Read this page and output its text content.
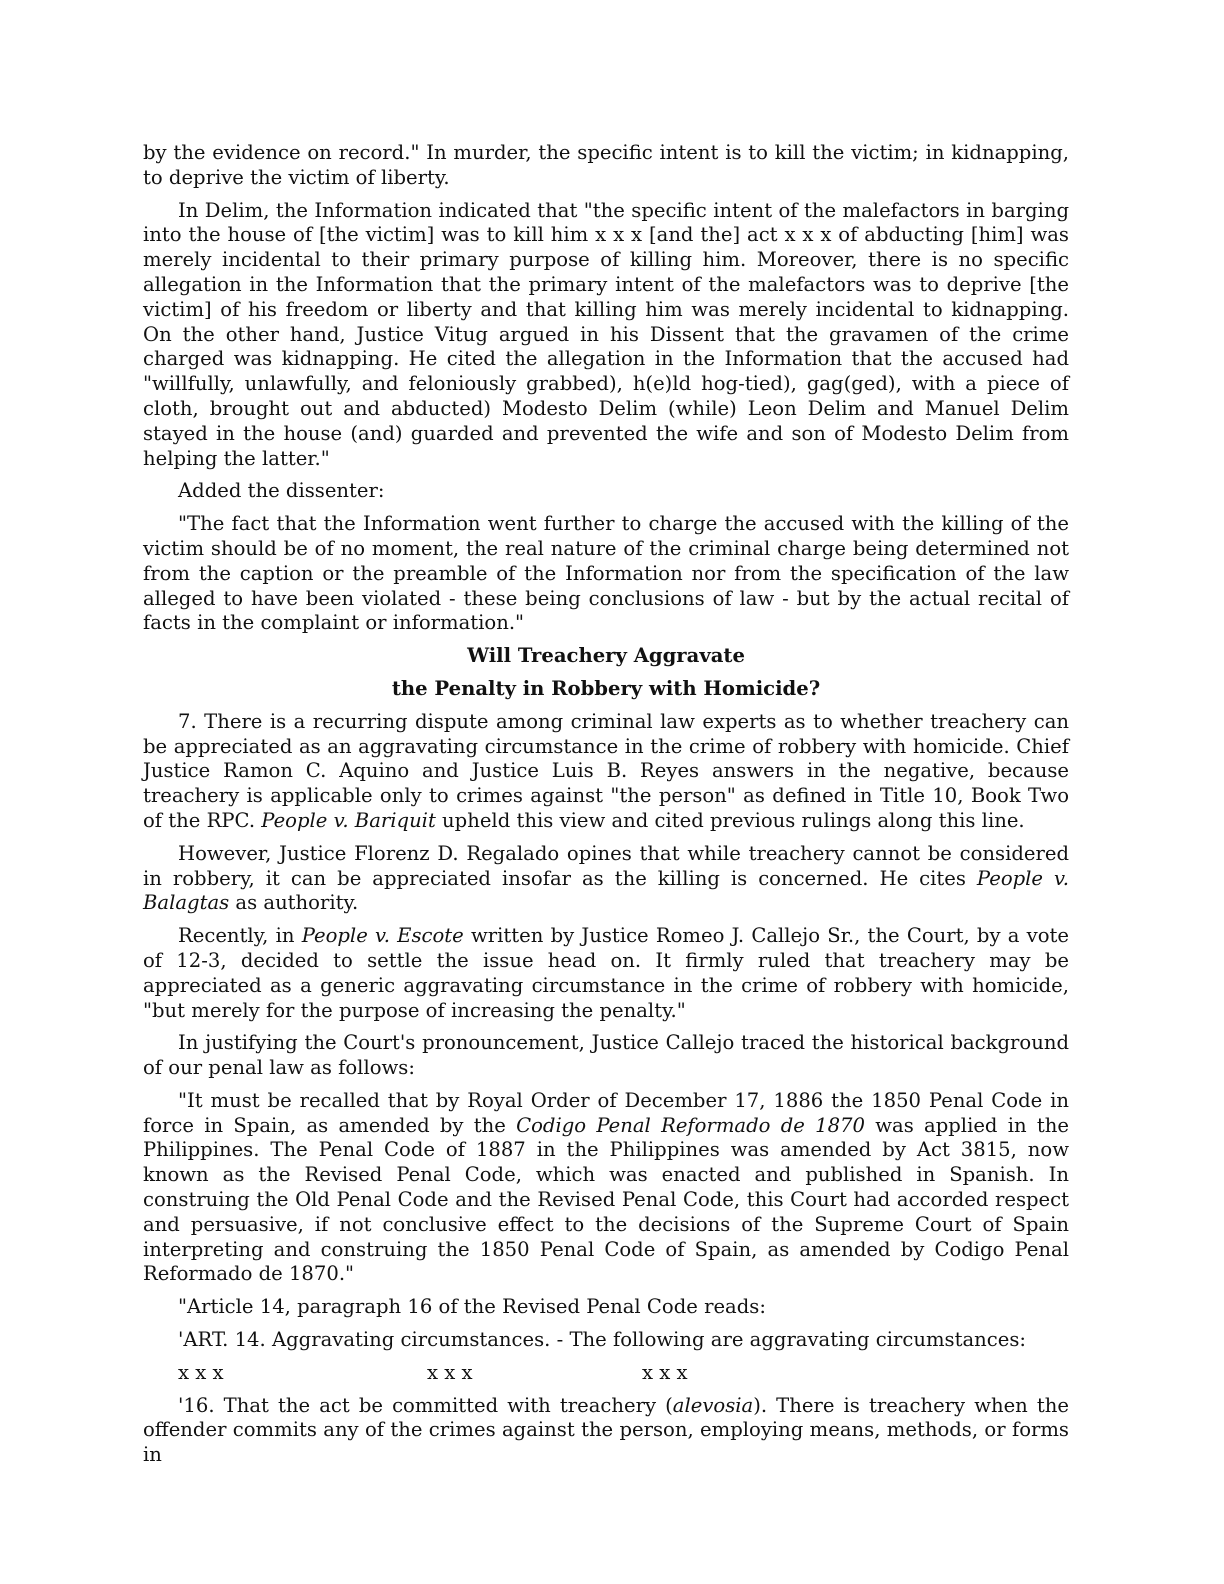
by the evidence on record." In murder, the specific intent is to kill the victim; in kidnapping, to deprive the victim of liberty.

In Delim, the Information indicated that "the specific intent of the malefactors in barging into the house of [the victim] was to kill him x x x [and the] act x x x of abducting [him] was merely incidental to their primary purpose of killing him. Moreover, there is no specific allegation in the Information that the primary intent of the malefactors was to deprive [the victim] of his freedom or liberty and that killing him was merely incidental to kidnapping. On the other hand, Justice Vitug argued in his Dissent that the gravamen of the crime charged was kidnapping. He cited the allegation in the Information that the accused had "willfully, unlawfully, and feloniously grabbed), h(e)ld hog-tied), gag(ged), with a piece of cloth, brought out and abducted) Modesto Delim (while) Leon Delim and Manuel Delim stayed in the house (and) guarded and prevented the wife and son of Modesto Delim from helping the latter."

Added the dissenter:

"The fact that the Information went further to charge the accused with the killing of the victim should be of no moment, the real nature of the criminal charge being determined not from the caption or the preamble of the Information nor from the specification of the law alleged to have been violated - these being conclusions of law - but by the actual recital of facts in the complaint or information."

Will Treachery Aggravate
the Penalty in Robbery with Homicide?

7. There is a recurring dispute among criminal law experts as to whether treachery can be appreciated as an aggravating circumstance in the crime of robbery with homicide. Chief Justice Ramon C. Aquino and Justice Luis B. Reyes answers in the negative, because treachery is applicable only to crimes against "the person" as defined in Title 10, Book Two of the RPC. People v. Bariquit upheld this view and cited previous rulings along this line.

However, Justice Florenz D. Regalado opines that while treachery cannot be considered in robbery, it can be appreciated insofar as the killing is concerned. He cites People v. Balagtas as authority.

Recently, in People v. Escote written by Justice Romeo J. Callejo Sr., the Court, by a vote of 12-3, decided to settle the issue head on. It firmly ruled that treachery may be appreciated as a generic aggravating circumstance in the crime of robbery with homicide, "but merely for the purpose of increasing the penalty."

In justifying the Court's pronouncement, Justice Callejo traced the historical background of our penal law as follows:

"It must be recalled that by Royal Order of December 17, 1886 the 1850 Penal Code in force in Spain, as amended by the Codigo Penal Reformado de 1870 was applied in the Philippines. The Penal Code of 1887 in the Philippines was amended by Act 3815, now known as the Revised Penal Code, which was enacted and published in Spanish. In construing the Old Penal Code and the Revised Penal Code, this Court had accorded respect and persuasive, if not conclusive effect to the decisions of the Supreme Court of Spain interpreting and construing the 1850 Penal Code of Spain, as amended by Codigo Penal Reformado de 1870."

"Article 14, paragraph 16 of the Revised Penal Code reads:

'ART. 14. Aggravating circumstances. - The following are aggravating circumstances:

x x x	x x x	x x x

'16. That the act be committed with treachery (alevosia). There is treachery when the offender commits any of the crimes against the person, employing means, methods, or forms in
